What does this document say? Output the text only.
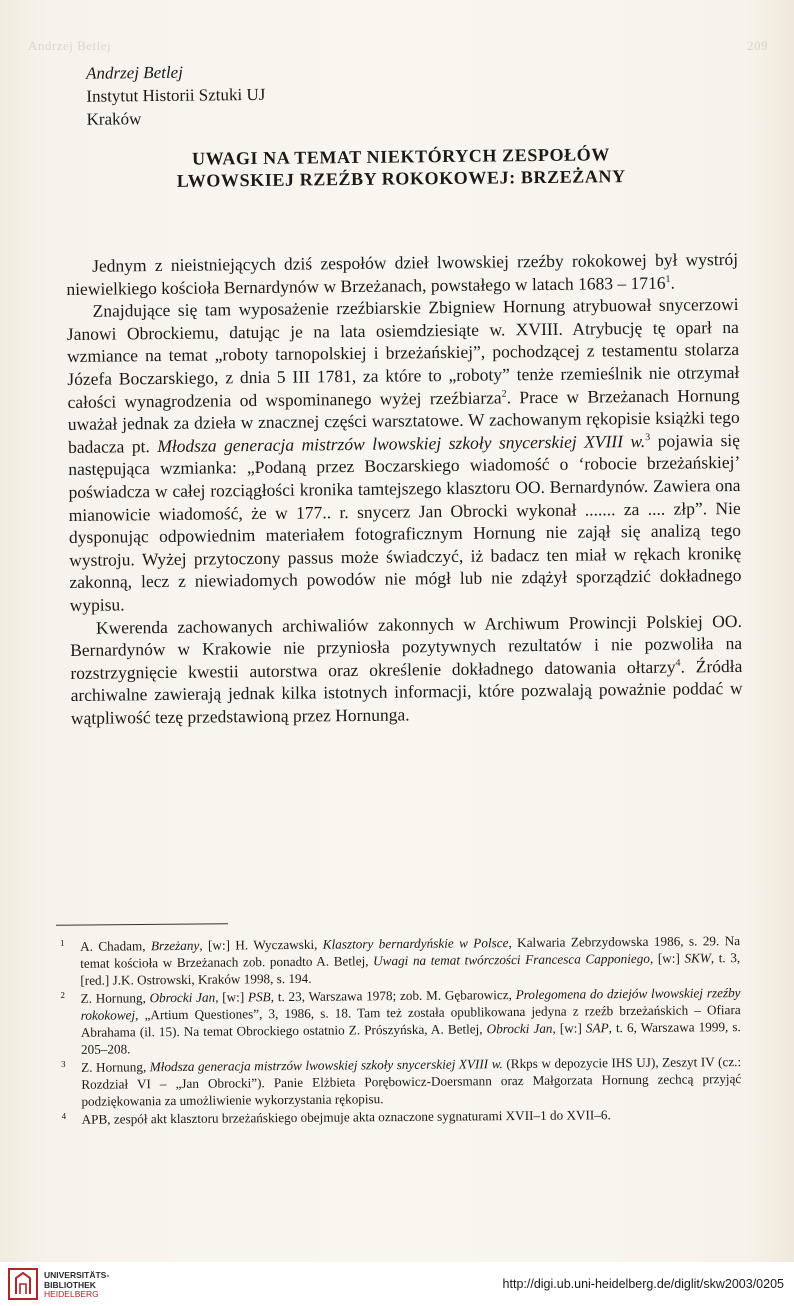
Andrzej Betlej	209
Andrzej Betlej
Instytut Historii Sztuki UJ
Kraków
UWAGI NA TEMAT NIEKTÓRYCH ZESPOŁÓW
LWOWSKIEJ RZEŹBY ROKOKOWEJ: BRZEŻANY

Jednym z nieistniejących dziś zespołów dzieł lwowskiej rzeźby rokokowej był wystrój niewielkiego kościoła Bernardynów w Brzeżanach, powstałego w latach 1683 – 1716$^1$.

Znajdujące się tam wyposażenie rzeźbiarskie Zbigniew Hornung atrybuował snycerzowi Janowi Obrockiemu, datując je na lata osiemdziesiąte w. XVIII. Atrybucję tę oparł na wzmiance na temat „roboty tarnopolskiej i brzeżańskiej”, pochodzącej z testamentu stolarza Józefa Boczarskiego, z dnia 5 III 1781, za które to „roboty” tenże rzemieślnik nie otrzymał całości wynagrodzenia od wspominanego wyżej rzeźbiarza$^2$. Prace w Brzeżanach Hornung uważał jednak za dzieła w znacznej części warsztatowe. W zachowanym rękopisie książki tego badacza pt. Młodsza generacja mistrzów lwowskiej szkoły snycerskiej XVIII w.$^3$ pojawia się następująca wzmianka: „Podaną przez Boczarskiego wiadomość o ‘robocie brzeżańskiej’ poświadcza w całej rozciągłości kronika tamtejszego klasztoru OO. Bernardynów. Zawiera ona mianowicie wiadomość, że w 177.. r. snycerz Jan Obrocki wykonał ....... za .... złp”. Nie dysponując odpowiednim materiałem fotograficznym Hornung nie zajął się analizą tego wystroju. Wyżej przytoczony passus może świadczyć, iż badacz ten miał w rękach kronikę zakonną, lecz z niewiadomych powodów nie mógł lub nie zdążył sporządzić dokładnego wypisu.

Kwerenda zachowanych archiwaliów zakonnych w Archiwum Prowincji Polskiej OO. Bernardynów w Krakowie nie przyniosła pozytywnych rezultatów i nie pozwoliła na rozstrzygnięcie kwestii autorstwa oraz określenie dokładnego datowania ołtarzy$^4$. Źródła archiwalne zawierają jednak kilka istotnych informacji, które pozwalają poważnie poddać w wątpliwość tezę przedstawioną przez Hornunga.

1 A. Chadam, Brzeżany, [w:] H. Wyczawski, Klasztory bernardyńskie w Polsce, Kalwaria Zebrzydowska 1986, s. 29. Na temat kościoła w Brzeżanach zob. ponadto A. Betlej, Uwagi na temat twórczości Francesca Capponiego, [w:] SKW, t. 3, [red.] J.K. Ostrowski, Kraków 1998, s. 194.
2 Z. Hornung, Obrocki Jan, [w:] PSB, t. 23, Warszawa 1978; zob. M. Gębarowicz, Prolegomena do dziejów lwowskiej rzeźby rokokowej, „Artium Questiones”, 3, 1986, s. 18. Tam też została opublikowana jedyna z rzeźb brzeżańskich – Ofiara Abrahama (il. 15). Na temat Obrockiego ostatnio Z. Prószyńska, A. Betlej, Obrocki Jan, [w:] SAP, t. 6, Warszawa 1999, s. 205–208.
3 Z. Hornung, Młodsza generacja mistrzów lwowskiej szkoły snycerskiej XVIII w. (Rkps w depozycie IHS UJ), Zeszyt IV (cz.: Rozdział VI – „Jan Obrocki”). Panie Elżbieta Porębowicz-Doersmann oraz Małgorzata Hornung zechcą przyjąć podziękowania za umożliwienie wykorzystania rękopisu.
4 APB, zespół akt klasztoru brzeżańskiego obejmuje akta oznaczone sygnaturami XVII–1 do XVII–6.
UNIVERSITÄTS-
BIBLIOTHEK
HEIDELBERG
http://digi.ub.uni-heidelberg.de/diglit/skw2003/0205
